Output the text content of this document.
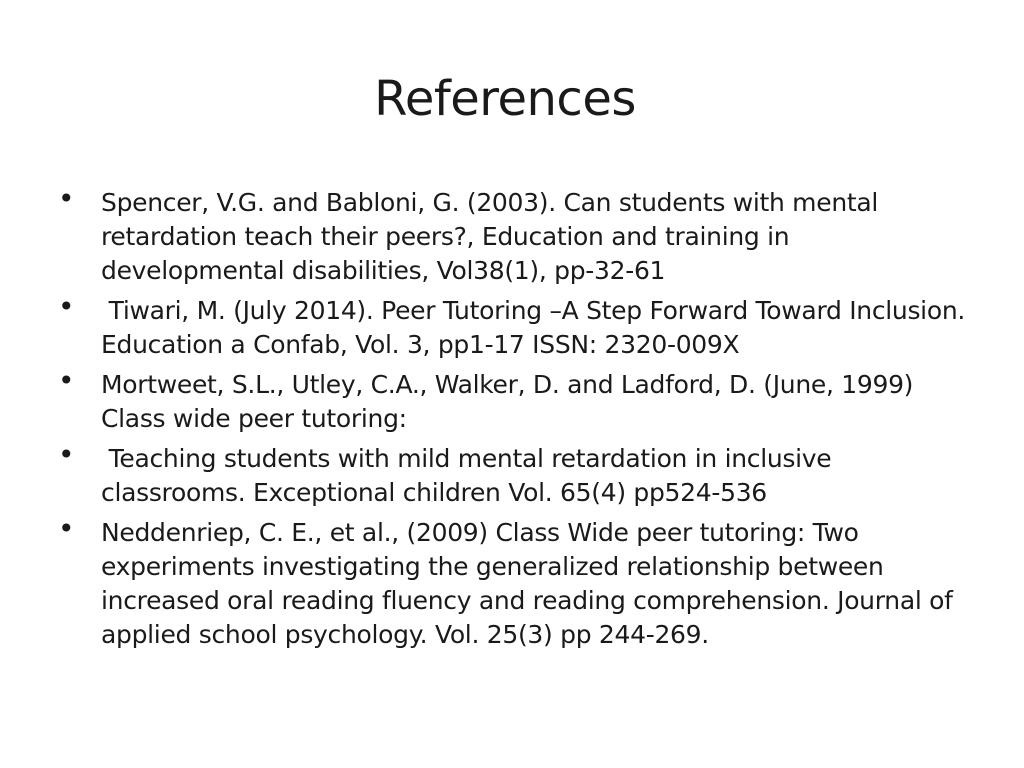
References
• Spencer, V.G. and Babloni, G. (2003). Can students with mental retardation teach their peers?, Education and training in developmental disabilities, Vol38(1), pp-32-61
• Tiwari, M. (July 2014). Peer Tutoring –A Step Forward Toward Inclusion. Education a Confab, Vol. 3, pp1-17 ISSN: 2320-009X
• Mortweet, S.L., Utley, C.A., Walker, D. and Ladford, D. (June, 1999) Class wide peer tutoring:
• Teaching students with mild mental retardation in inclusive classrooms. Exceptional children Vol. 65(4) pp524-536
• Neddenriep, C. E., et al., (2009) Class Wide peer tutoring: Two experiments investigating the generalized relationship between increased oral reading fluency and reading comprehension. Journal of applied school psychology. Vol. 25(3) pp 244-269.
